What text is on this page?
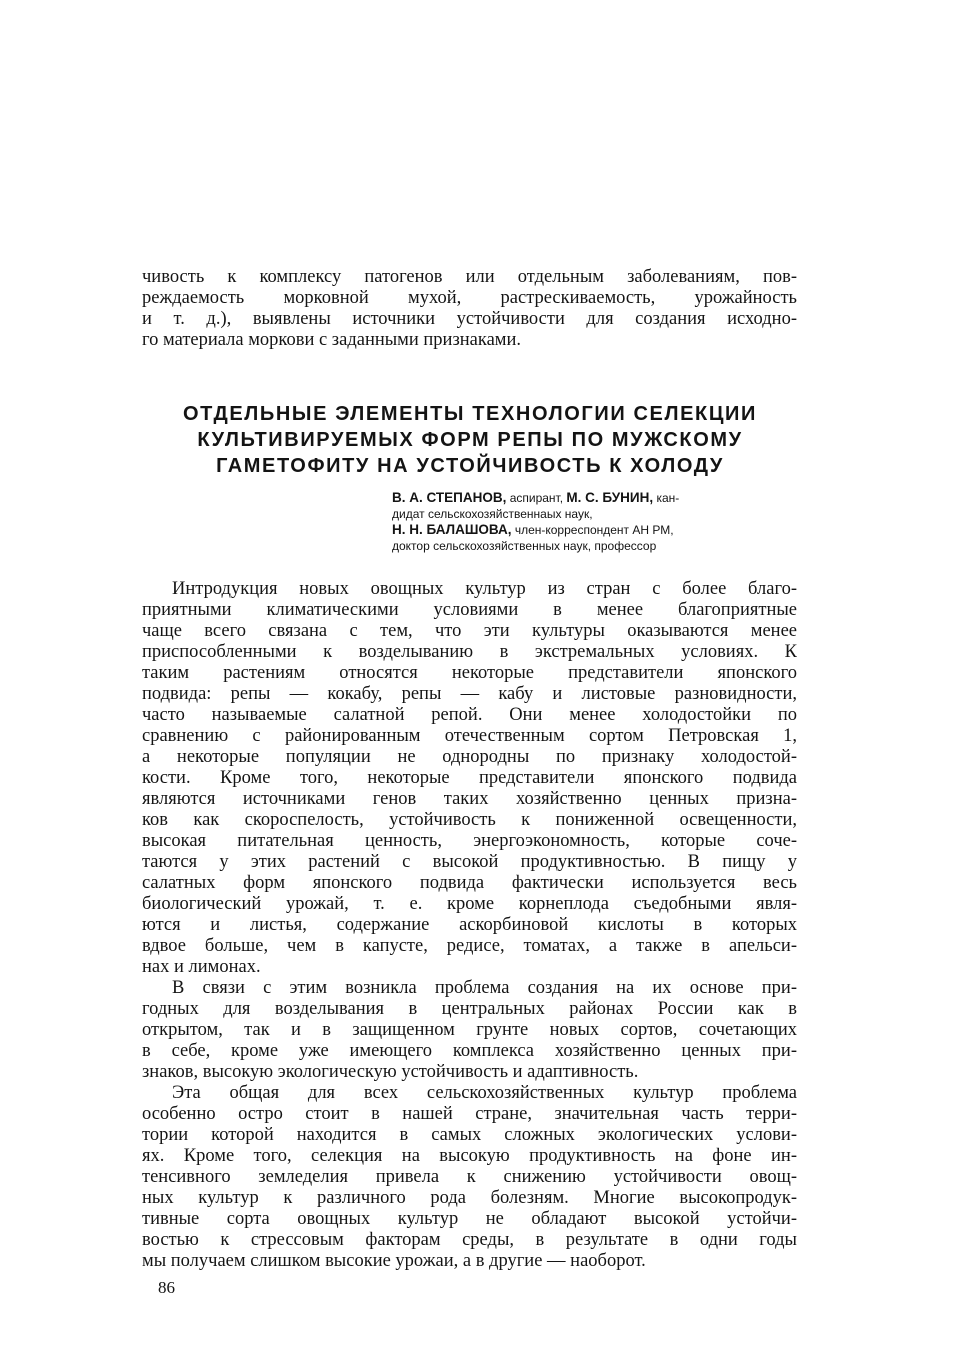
чивость к комплексу патогенов или отдельным заболеваниям, пов-
реждаемость морковной мухой, растрескиваемость, урожайность
и т. д.), выявлены источники устойчивости для создания исходно-
го материала моркови с заданными признаками.
ОТДЕЛЬНЫЕ ЭЛЕМЕНТЫ ТЕХНОЛОГИИ СЕЛЕКЦИИ
КУЛЬТИВИРУЕМЫХ ФОРМ РЕПЫ ПО МУЖСКОМУ
ГАМЕТОФИТУ НА УСТОЙЧИВОСТЬ К ХОЛОДУ
В. А. СТЕПАНОВ, аспирант, М. С. БУНИН, кан-
дидат сельскохозяйственнаых наук,
Н. Н. БАЛАШОВА, член-корреспондент АН РМ,
доктор сельскохозяйственных наук, профессор
Интродукция новых овощных культур из стран с более благо-
приятными климатическими условиями в менее благоприятные
чаще всего связана с тем, что эти культуры оказываются менее
приспособленными к возделыванию в экстремальных условиях. К
таким растениям относятся некоторые представители японского
подвида: репы — кокабу, репы — кабу и листовые разновидности,
часто называемые салатной репой. Они менее холодостойки по
сравнению с районированным отечественным сортом Петровская 1,
а некоторые популяции не однородны по признаку холодостой-
кости. Кроме того, некоторые представители японского подвида
являются источниками генов таких хозяйственно ценных призна-
ков как скороспелость, устойчивость к пониженной освещенности,
высокая питательная ценность, энергоэкономность, которые соче-
таются у этих растений с высокой продуктивностью. В пищу у
салатных форм японского подвида фактически используется весь
биологический урожай, т. е. кроме корнеплода съедобными явля-
ются и листья, содержание аскорбиновой кислоты в которых
вдвое больше, чем в капусте, редисе, томатах, а также в апельси-
нах и лимонах.
В связи с этим возникла проблема создания на их основе при-
годных для возделывания в центральных районах России как в
открытом, так и в защищенном грунте новых сортов, сочетающих
в себе, кроме уже имеющего комплекса хозяйственно ценных при-
знаков, высокую экологическую устойчивость и адаптивность.
Эта общая для всех сельскохозяйственных культур проблема
особенно остро стоит в нашей стране, значительная часть терри-
тории которой находится в самых сложных экологических услови-
ях. Кроме того, селекция на высокую продуктивность на фоне ин-
тенсивного земледелия привела к снижению устойчивости овощ-
ных культур к различного рода болезням. Многие высокопродук-
тивные сорта овощных культур не обладают высокой устойчи-
востью к стрессовым факторам среды, в результате в одни годы
мы получаем слишком высокие урожаи, а в другие — наоборот.
86
